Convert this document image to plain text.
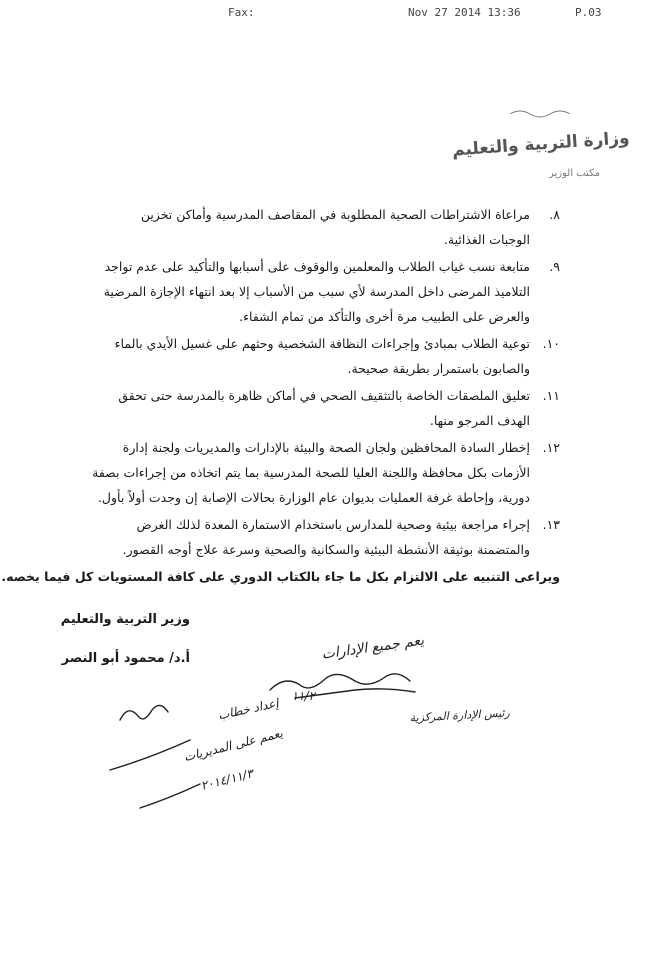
Fax:	Nov 27 2014 13:36	P.03
وزارة التربية والتعليم
مكتب الوزير
٨.
مراعاة الاشتراطات الصحية المطلوبة في المقاصف المدرسية وأماكن تخزين
الوجبات الغذائية.
٩.
متابعة نسب غياب الطلاب والمعلمين والوقوف على أسبابها والتأكيد على عدم تواجد
التلاميذ المرضى داخل المدرسة لأي سبب من الأسباب إلا بعد انتهاء الإجازة المرضية
والعرض على الطبيب مرة أخرى والتأكد من تمام الشفاء.
١٠.
توعية الطلاب بمبادئ وإجراءات النظافة الشخصية وحثهم على غسيل الأيدي بالماء
والصابون باستمرار بطريقة صحيحة.
١١.
تعليق الملصقات الخاصة بالتثقيف الصحي في أماكن ظاهرة بالمدرسة حتى تحقق
الهدف المرجو منها.
١٢.
إخطار السادة المحافظين ولجان الصحة والبيئة بالإدارات والمديريات ولجنة إدارة
الأزمات بكل محافظة واللجنة العليا للصحة المدرسية بما يتم اتخاذه من إجراءات بصفة
دورية، وإحاطة غرفة العمليات بديوان عام الوزارة بحالات الإصابة إن وجدت أولاً بأول.
١٣.
إجراء مراجعة بيئية وصحية للمدارس باستخدام الاستمارة المعدة لذلك الغرض
والمتضمنة بوثيقة الأنشطة البيئية والسكانية والصحية وسرعة علاج أوجه القصور.
ويراعى التنبيه على الالتزام بكل ما جاء بالكتاب الدوري على كافة المستويات كل فيما يخصه.
وزير التربية والتعليم
أ.د/ محمود أبو النصر	يعم جميع الإدارات
١١/٢
رئيس الإدارة المركزية
إعداد خطاب
يعمم على المديريات
٢٠١٤/١١/٣
